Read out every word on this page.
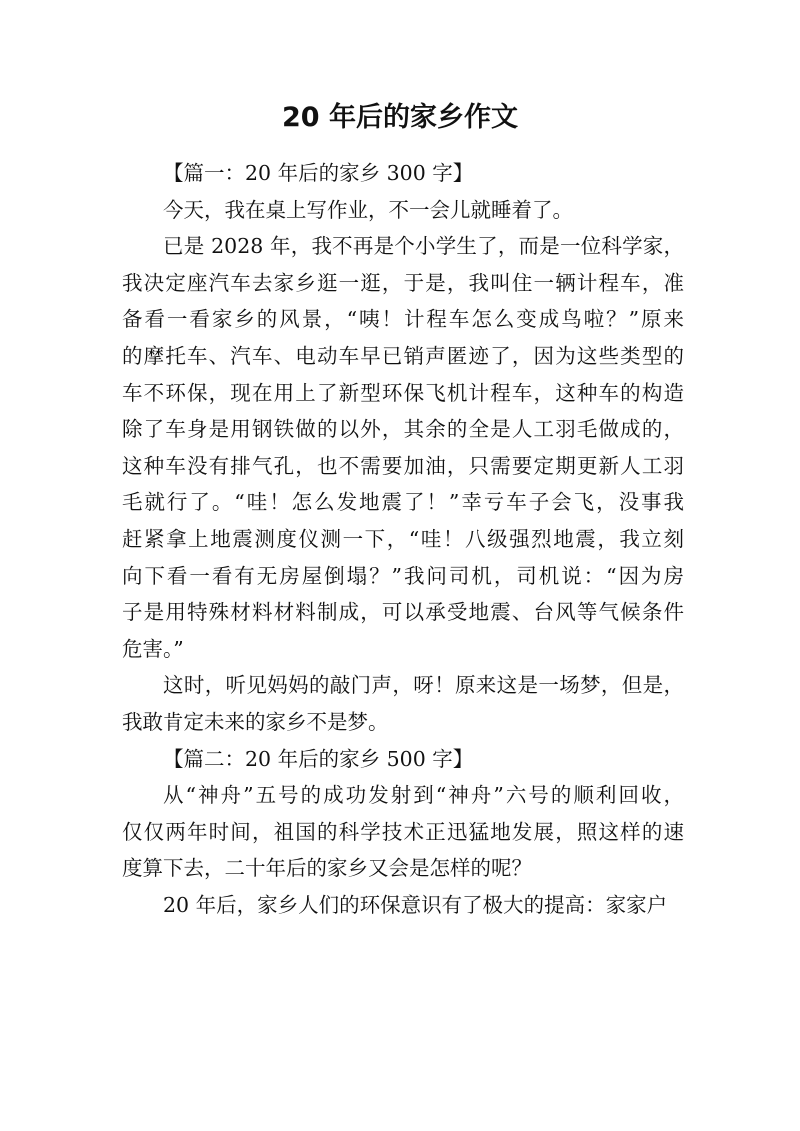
20 年后的家乡作文
【篇一：20 年后的家乡 300 字】
今天，我在桌上写作业，不一会儿就睡着了。
已是 2028 年，我不再是个小学生了，而是一位科学家，
我决定座汽车去家乡逛一逛，于是，我叫住一辆计程车，准
备看一看家乡的风景，“咦！计程车怎么变成鸟啦？”原来
的摩托车、汽车、电动车早已销声匿迹了，因为这些类型的
车不环保，现在用上了新型环保飞机计程车，这种车的构造
除了车身是用钢铁做的以外，其余的全是人工羽毛做成的，
这种车没有排气孔，也不需要加油，只需要定期更新人工羽
毛就行了。“哇！怎么发地震了！”幸亏车子会飞，没事我
赶紧拿上地震测度仪测一下，“哇！八级强烈地震，我立刻
向下看一看有无房屋倒塌？”我问司机，司机说：“因为房
子是用特殊材料材料制成，可以承受地震、台风等气候条件
危害。”
这时，听见妈妈的敲门声，呀！原来这是一场梦，但是，
我敢肯定未来的家乡不是梦。
【篇二：20 年后的家乡 500 字】
从“神舟”五号的成功发射到“神舟”六号的顺利回收，
仅仅两年时间，祖国的科学技术正迅猛地发展，照这样的速
度算下去，二十年后的家乡又会是怎样的呢？
20 年后，家乡人们的环保意识有了极大的提高：家家户
